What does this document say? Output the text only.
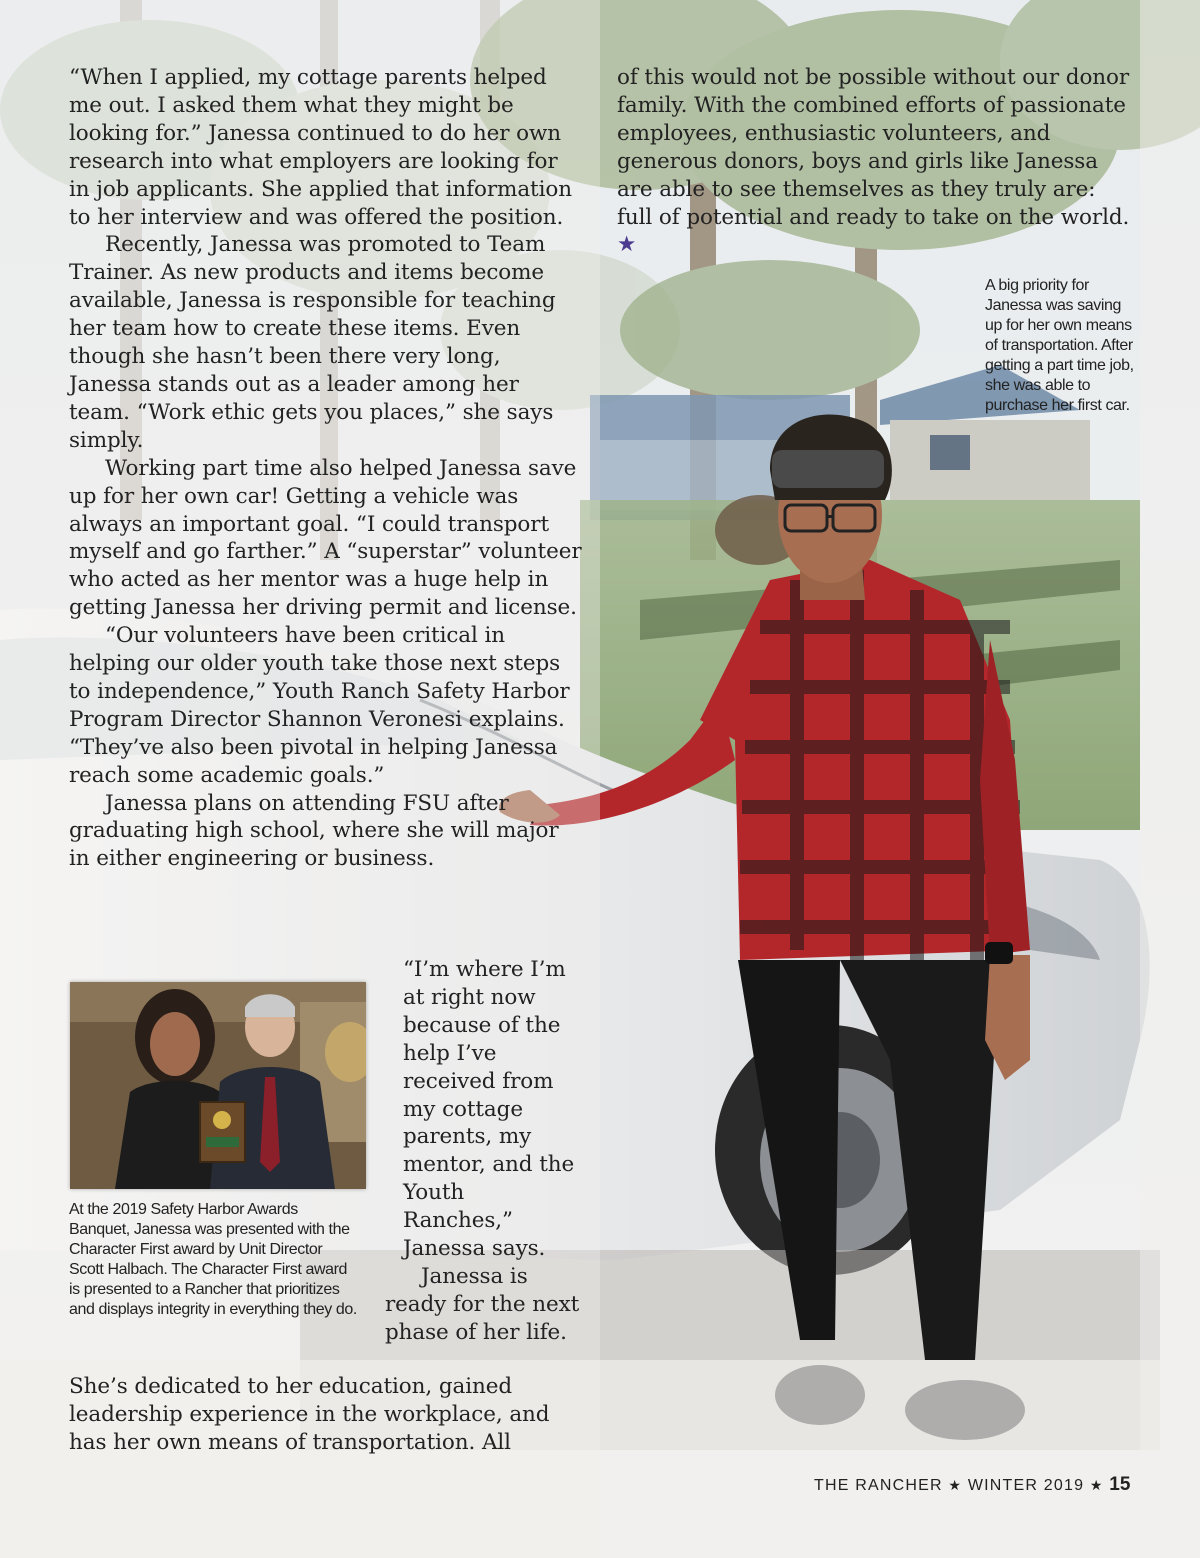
“When I applied, my cottage parents helped me out. I asked them what they might be looking for.” Janessa continued to do her own research into what employers are looking for in job applicants. She applied that information to her interview and was offered the position.

Recently, Janessa was promoted to Team Trainer. As new products and items become available, Janessa is responsible for teaching her team how to create these items. Even though she hasn’t been there very long, Janessa stands out as a leader among her team. “Work ethic gets you places,” she says simply.

Working part time also helped Janessa save up for her own car! Getting a vehicle was always an important goal. “I could transport myself and go farther.” A “superstar” volunteer who acted as her mentor was a huge help in getting Janessa her driving permit and license.

“Our volunteers have been critical in helping our older youth take those next steps to independence,” Youth Ranch Safety Harbor Program Director Shannon Veronesi explains. “They’ve also been pivotal in helping Janessa reach some academic goals.”

Janessa plans on attending FSU after graduating high school, where she will major in either engineering or business.

“I’m where I’m at right now because of the help I’ve received from my cottage parents, my mentor, and the Youth Ranches,” Janessa says.

Janessa is ready for the next phase of her life.

She’s dedicated to her education, gained leadership experience in the workplace, and has her own means of transportation. All

of this would not be possible without our donor family. With the combined efforts of passionate employees, enthusiastic volunteers, and generous donors, boys and girls like Janessa are able to see themselves as they truly are: full of potential and ready to take on the world. ★

A big priority for Janessa was saving up for her own means of transportation. After getting a part time job, she was able to purchase her first car.
At the 2019 Safety Harbor Awards Banquet, Janessa was presented with the Character First award by Unit Director Scott Halbach. The Character First award is presented to a Rancher that prioritizes and displays integrity in everything they do.
THE RANCHER ★ WINTER 2019 ★ 15
